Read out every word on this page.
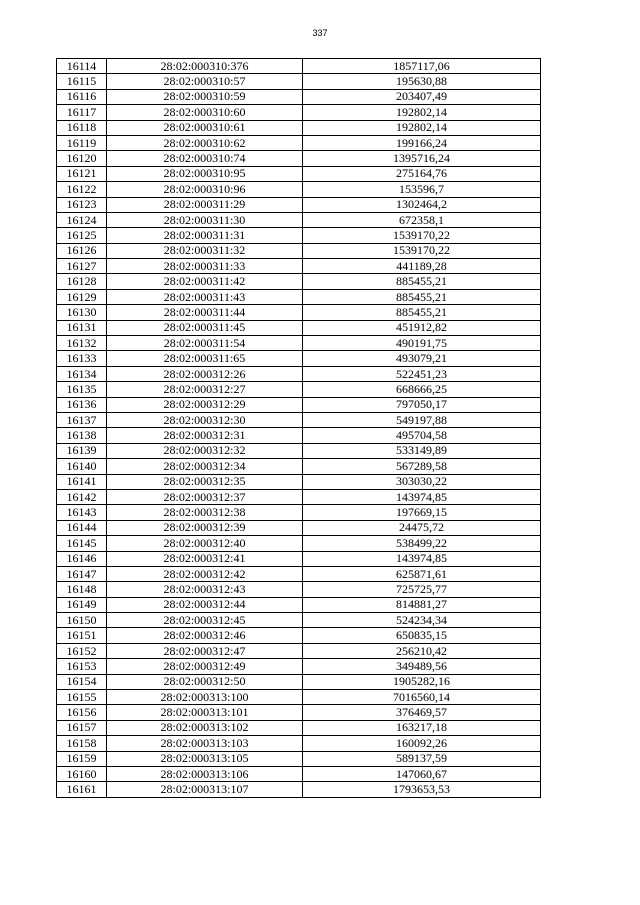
337
16114	28:02:000310:376	1857117,06
16115	28:02:000310:57	195630,88
16116	28:02:000310:59	203407,49
16117	28:02:000310:60	192802,14
16118	28:02:000310:61	192802,14
16119	28:02:000310:62	199166,24
16120	28:02:000310:74	1395716,24
16121	28:02:000310:95	275164,76
16122	28:02:000310:96	153596,7
16123	28:02:000311:29	1302464,2
16124	28:02:000311:30	672358,1
16125	28:02:000311:31	1539170,22
16126	28:02:000311:32	1539170,22
16127	28:02:000311:33	441189,28
16128	28:02:000311:42	885455,21
16129	28:02:000311:43	885455,21
16130	28:02:000311:44	885455,21
16131	28:02:000311:45	451912,82
16132	28:02:000311:54	490191,75
16133	28:02:000311:65	493079,21
16134	28:02:000312:26	522451,23
16135	28:02:000312:27	668666,25
16136	28:02:000312:29	797050,17
16137	28:02:000312:30	549197,88
16138	28:02:000312:31	495704,58
16139	28:02:000312:32	533149,89
16140	28:02:000312:34	567289,58
16141	28:02:000312:35	303030,22
16142	28:02:000312:37	143974,85
16143	28:02:000312:38	197669,15
16144	28:02:000312:39	24475,72
16145	28:02:000312:40	538499,22
16146	28:02:000312:41	143974,85
16147	28:02:000312:42	625871,61
16148	28:02:000312:43	725725,77
16149	28:02:000312:44	814881,27
16150	28:02:000312:45	524234,34
16151	28:02:000312:46	650835,15
16152	28:02:000312:47	256210,42
16153	28:02:000312:49	349489,56
16154	28:02:000312:50	1905282,16
16155	28:02:000313:100	7016560,14
16156	28:02:000313:101	376469,57
16157	28:02:000313:102	163217,18
16158	28:02:000313:103	160092,26
16159	28:02:000313:105	589137,59
16160	28:02:000313:106	147060,67
16161	28:02:000313:107	1793653,53
